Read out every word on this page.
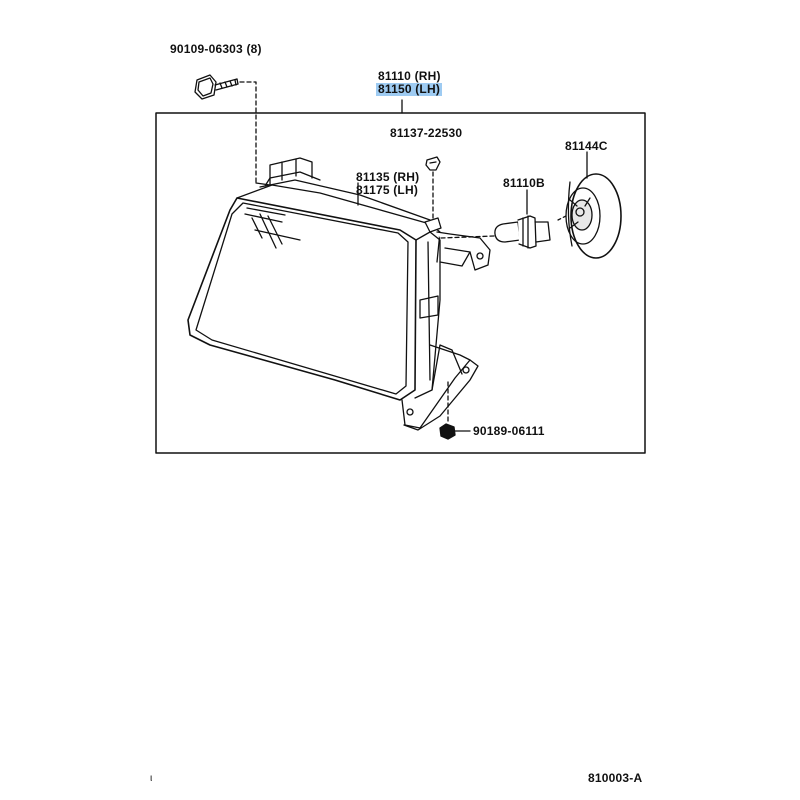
90109-06303 (8)
81110 (RH)
81150 (LH)
81137-22530
81144C
81110B
81135 (RH)
81175 (LH)
90189-06111
ι	810003-A
